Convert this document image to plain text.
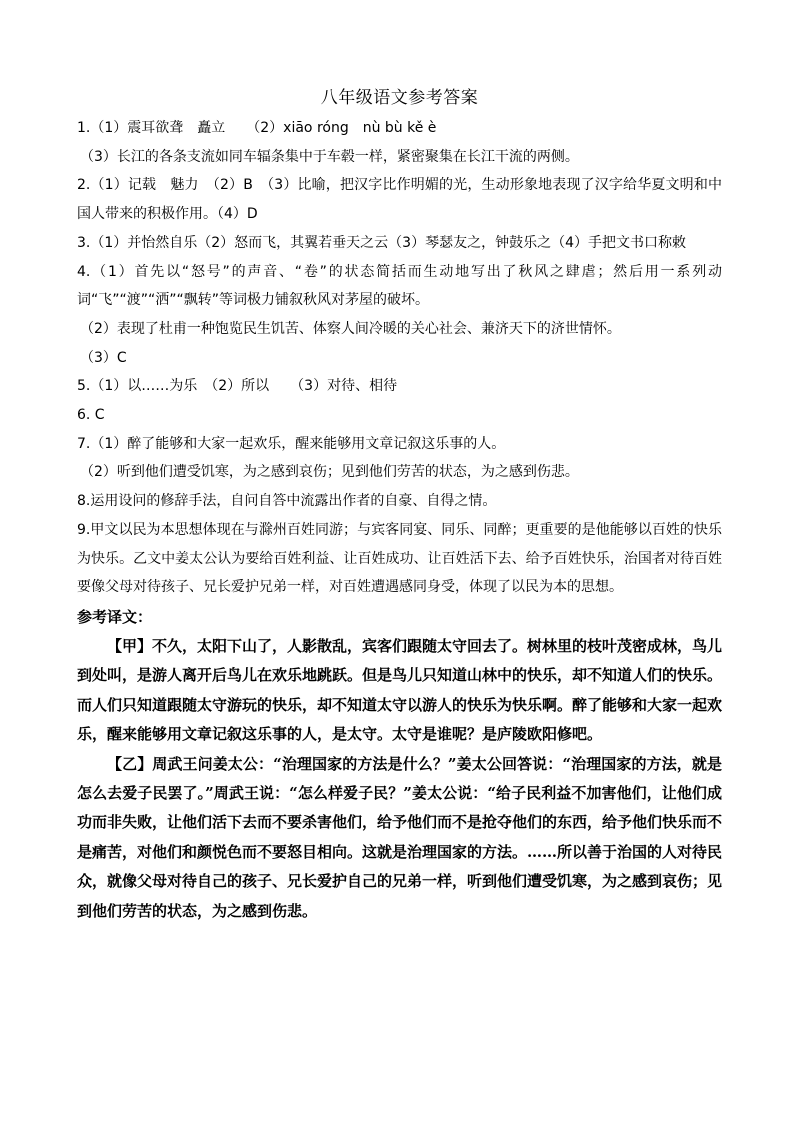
八年级语文参考答案
1.（1）震耳欲聋　矗立　　（2）xiāo róng　nù bù kě è
（3）长江的各条支流如同车辐条集中于车毂一样，紧密聚集在长江干流的两侧。
2.（1）记载　魅力　（2）B　（3）比喻，把汉字比作明媚的光，生动形象地表现了汉字给华夏文明和中国人带来的积极作用。（4）D
3.（1）并怡然自乐（2）怒而飞，其翼若垂天之云（3）琴瑟友之，钟鼓乐之（4）手把文书口称敕
4.（1）首先以“怒号”的声音、“卷”的状态简括而生动地写出了秋风之肆虐；然后用一系列动词“飞”“渡”“洒”“飘转”等词极力铺叙秋风对茅屋的破坏。
（2）表现了杜甫一种饱览民生饥苦、体察人间冷暖的关心社会、兼济天下的济世情怀。
（3）C
5.（1）以……为乐　（2）所以　　（3）对待、相待
6. C
7.（1）醉了能够和大家一起欢乐，醒来能够用文章记叙这乐事的人。
（2）听到他们遭受饥寒，为之感到哀伤；见到他们劳苦的状态，为之感到伤悲。
8.运用设问的修辞手法，自问自答中流露出作者的自豪、自得之情。
9.甲文以民为本思想体现在与滁州百姓同游；与宾客同宴、同乐、同醉；更重要的是他能够以百姓的快乐为快乐。乙文中姜太公认为要给百姓利益、让百姓成功、让百姓活下去、给予百姓快乐，治国者对待百姓要像父母对待孩子、兄长爱护兄弟一样，对百姓遭遇感同身受，体现了以民为本的思想。
参考译文：
【甲】不久，太阳下山了，人影散乱，宾客们跟随太守回去了。树林里的枝叶茂密成林，鸟儿到处叫，是游人离开后鸟儿在欢乐地跳跃。但是鸟儿只知道山林中的快乐，却不知道人们的快乐。而人们只知道跟随太守游玩的快乐，却不知道太守以游人的快乐为快乐啊。醉了能够和大家一起欢乐，醒来能够用文章记叙这乐事的人，是太守。太守是谁呢？是庐陵欧阳修吧。
【乙】周武王问姜太公：“治理国家的方法是什么？”姜太公回答说：“治理国家的方法，就是怎么去爱子民罢了。”周武王说：“怎么样爱子民？”姜太公说：“给子民利益不加害他们，让他们成功而非失败，让他们活下去而不要杀害他们，给予他们而不是抢夺他们的东西，给予他们快乐而不是痛苦，对他们和颜悦色而不要怒目相向。这就是治理国家的方法。……所以善于治国的人对待民众，就像父母对待自己的孩子、兄长爱护自己的兄弟一样，听到他们遭受饥寒，为之感到哀伤；见到他们劳苦的状态，为之感到伤悲。
